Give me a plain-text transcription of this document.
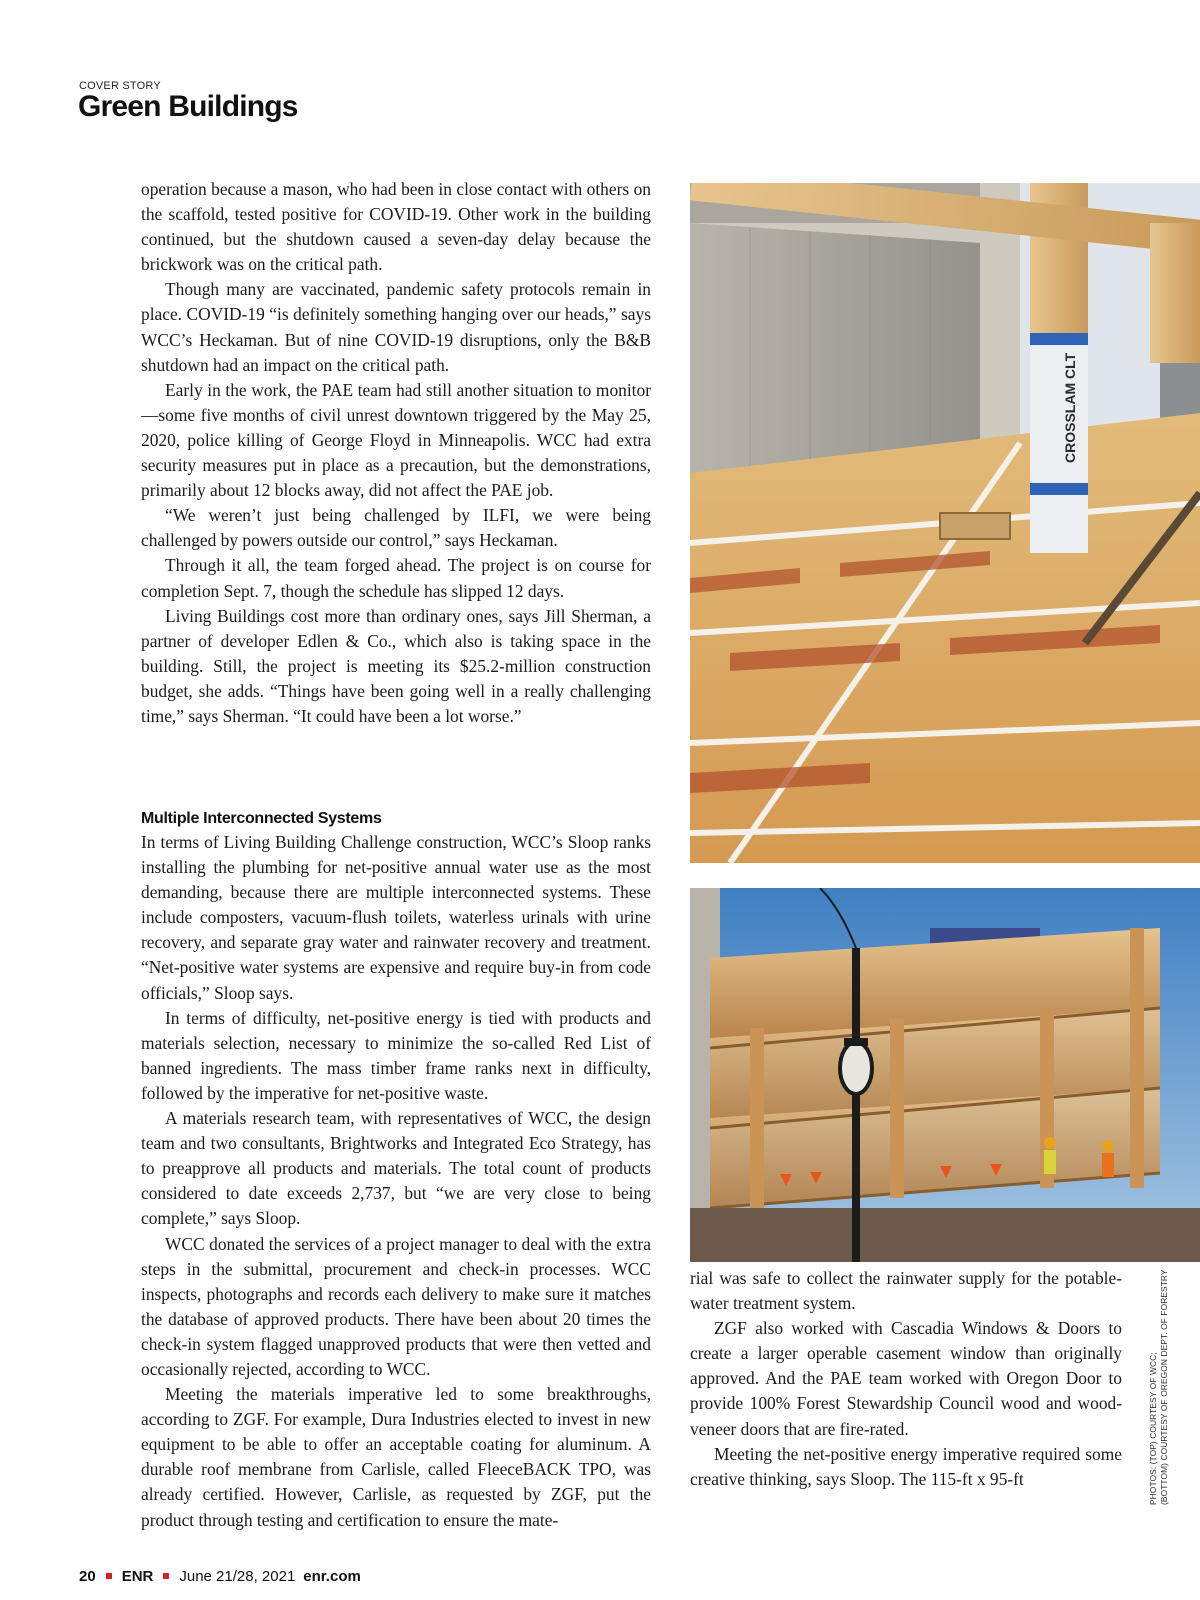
COVER STORY
Green Buildings

operation because a mason, who had been in close contact with others on the scaffold, tested positive for COVID-19. Other work in the building continued, but the shutdown caused a seven-day delay because the brickwork was on the critical path.

Though many are vaccinated, pandemic safety protocols remain in place. COVID-19 “is definitely something hanging over our heads,” says WCC’s Heckaman. But of nine COVID-19 disruptions, only the B&B shutdown had an impact on the critical path.

Early in the work, the PAE team had still another situation to monitor—some five months of civil unrest downtown triggered by the May 25, 2020, police killing of George Floyd in Minneapolis. WCC had extra security measures put in place as a precaution, but the demonstrations, primarily about 12 blocks away, did not affect the PAE job.

“We weren’t just being challenged by ILFI, we were being challenged by powers outside our control,” says Heckaman.

Through it all, the team forged ahead. The project is on course for completion Sept. 7, though the schedule has slipped 12 days.

Living Buildings cost more than ordinary ones, says Jill Sherman, a partner of developer Edlen & Co., which also is taking space in the building. Still, the project is meeting its $25.2-million construction budget, she adds. “Things have been going well in a really challenging time,” says Sherman. “It could have been a lot worse.”

Multiple Interconnected Systems

In terms of Living Building Challenge construction, WCC’s Sloop ranks installing the plumbing for net-positive annual water use as the most demanding, because there are multiple interconnected systems. These include composters, vacuum-flush toilets, waterless urinals with urine recovery, and separate gray water and rainwater recovery and treatment. “Net-positive water systems are expensive and require buy-in from code officials,” Sloop says.

In terms of difficulty, net-positive energy is tied with products and materials selection, necessary to minimize the so-called Red List of banned ingredients. The mass timber frame ranks next in difficulty, followed by the imperative for net-positive waste.

A materials research team, with representatives of WCC, the design team and two consultants, Brightworks and Integrated Eco Strategy, has to preapprove all products and materials. The total count of products considered to date exceeds 2,737, but “we are very close to being complete,” says Sloop.

WCC donated the services of a project manager to deal with the extra steps in the submittal, procurement and check-in processes. WCC inspects, photographs and records each delivery to make sure it matches the database of approved products. There have been about 20 times the check-in system flagged unapproved products that were then vetted and occasionally rejected, according to WCC.

Meeting the materials imperative led to some breakthroughs, according to ZGF. For example, Dura Industries elected to invest in new equipment to be able to offer an acceptable coating for aluminum. A durable roof membrane from Carlisle, called FleeceBACK TPO, was already certified. However, Carlisle, as requested by ZGF, put the product through testing and certification to ensure the mate-

CROSSLAM CLT

rial was safe to collect the rainwater supply for the potable-water treatment system.

ZGF also worked with Cascadia Windows & Doors to create a larger operable casement window than originally approved. And the PAE team worked with Oregon Door to provide 100% Forest Stewardship Council wood and wood-veneer doors that are fire-rated.

Meeting the net-positive energy imperative required some creative thinking, says Sloop. The 115-ft x 95-ft	PHOTOS: (TOP) COURTESY OF WCC; (BOTTOM) COURTESY OF OREGON DEPT. OF FORESTRY
20 ENR June 21/28, 2021 enr.com
